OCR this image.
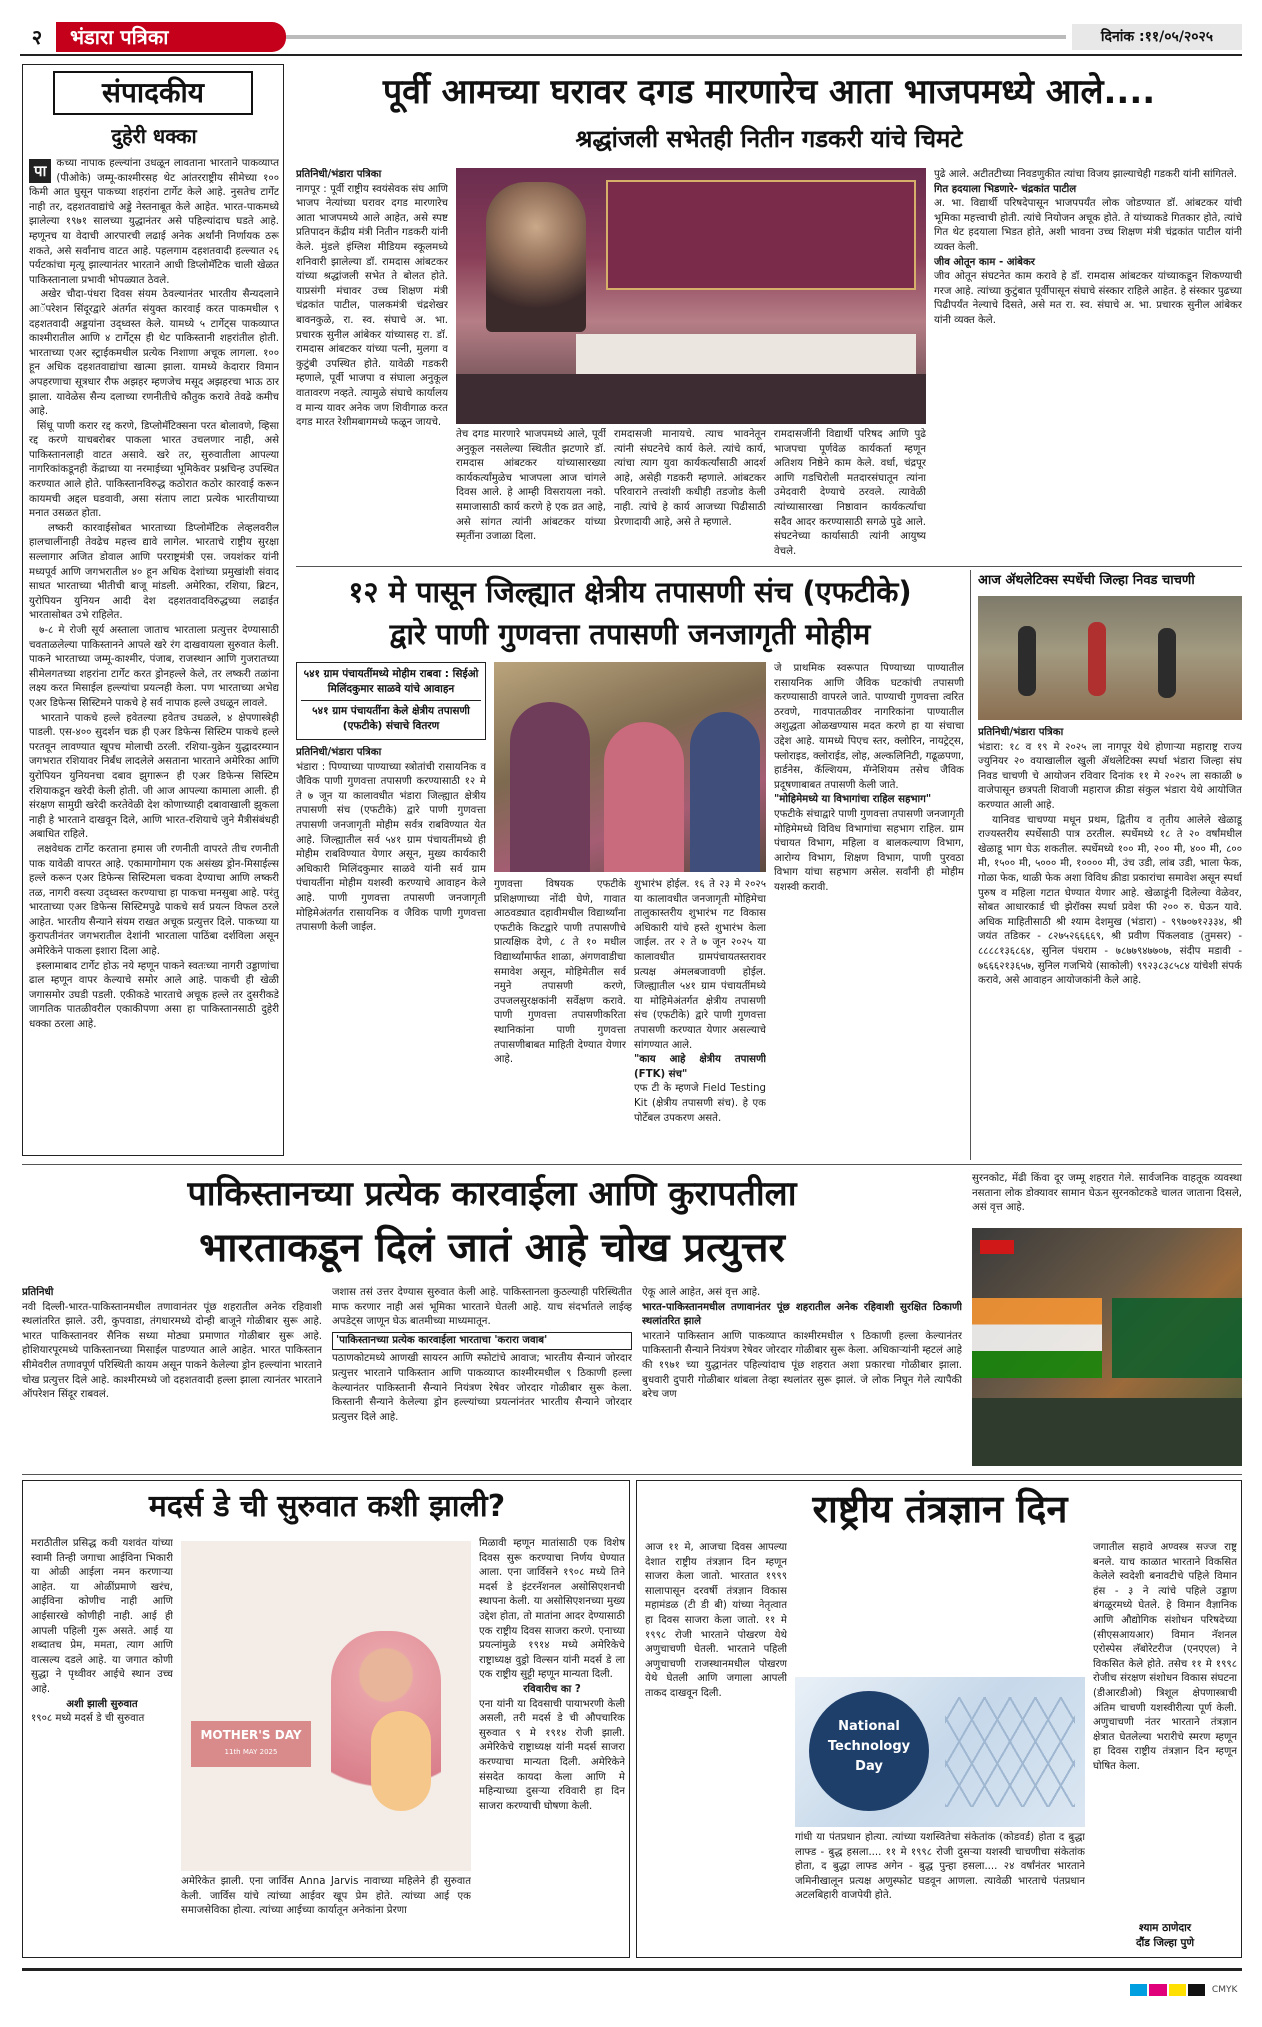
२	भंडारा पत्रिका	दिनांक :११/०५/२०२५
संपादकीय
दुहेरी धक्का
पा कच्या नापाक हल्ल्यांना उधळून लावताना भारताने पाकव्याप्त (पीओके) जम्मू-काश्मीरसह थेट आंतरराष्ट्रीय सीमेच्या १०० किमी आत घुसून पाकच्या शहरांना टार्गेट केले आहे. नुसतेच टार्गेट नाही तर, दहशतवाद्यांचे अड्डे नेस्तनाबूत केले आहेत. भारत-पाकमध्ये झालेल्या १९७१ सालच्या युद्धानंतर असे पहिल्यांदाच घडते आहे. म्हणूनच या वेदाची आरपारची लढाई अनेक अर्थांनी निर्णायक ठरू शकते, असे सर्वांनाच वाटत आहे. पहलगाम दहशतवादी हल्ल्यात २६ पर्यटकांचा मृत्यू झाल्यानंतर भारताने आधी डिप्लोमॅटिक चाली खेळत पाकिस्तानाला प्रभावी भोपळ्यात ठेवले.
अखेर चौदा-पंधरा दिवस संयम ठेवल्यानंतर भारतीय सैन्यदलाने आॅपरेशन सिंदूरद्वारे अंतर्गत संयुक्त कारवाई करत पाकमधील ९ दहशतवादी अड्डयांना उद्ध्वस्त केले. यामध्ये ५ टार्गेट्स पाकव्याप्त काश्मीरातील आणि ४ टार्गेट्स ही थेट पाकिस्तानी शहरांतील होती. भारताच्या एअर स्ट्राईकमधील प्रत्येक निशाणा अचूक लागला. १०० हून अधिक दहशतवाद्यांचा खात्मा झाला. यामध्ये केदारार विमान अपहरणाचा सूत्रधार रौफ अझहर म्हणजेच मसूद अझहरचा भाऊ ठार झाला. यावेळेस सैन्य दलाच्या रणनीतीचे कौतुक करावे तेवढे कमीच आहे.
सिंधू पाणी करार रद्द करणे, डिप्लोमॅटिक्सना परत बोलावणे, व्हिसा रद्द करणे याचबरोबर पाकला भारत उचलणार नाही, असे पाकिस्तानलाही वाटत असावे. खरे तर, सुरुवातीला आपल्या नागरिकांकडूनही केंद्राच्या या नरमाईच्या भूमिकेवर प्रश्नचिन्ह उपस्थित करण्यात आले होते. पाकिस्तानविरुद्ध कठोरात कठोर कारवाई करून कायमची अद्दल घडवावी, असा संताप लाटा प्रत्येक भारतीयाच्या मनात उसळत होता.
लष्करी कारवाईसोबत भारताच्या डिप्लोमॅटिक लेव्हलवरील हालचालींनाही तेवढेच महत्त्व द्यावे लागेल. भारताचे राष्ट्रीय सुरक्षा सल्लागार अजित डोवाल आणि परराष्ट्रमंत्री एस. जयशंकर यांनी मध्यपूर्व आणि जगभरातील ४० हून अधिक देशांच्या प्रमुखांशी संवाद साधत भारताच्या भीतीची बाजू मांडली. अमेरिका, रशिया, ब्रिटन, युरोपियन युनियन आदी देश दहशतवादविरुद्धच्या लढाईत भारतासोबत उभे राहिलेत.
७-८ मे रोजी सूर्य अस्ताला जाताच भारताला प्रत्युत्तर देण्यासाठी चवताळलेल्या पाकिस्तानने आपले खरे रंग दाखवायला सुरुवात केली. पाकने भारताच्या जम्मू-काश्मीर, पंजाब, राजस्थान आणि गुजरातच्या सीमेलगतच्या शहरांना टार्गेट करत ड्रोनहल्ले केले, तर लष्करी तळांना लक्ष्य करत मिसाईल हल्ल्यांचा प्रयत्नही केला. पण भारताच्या अभेद्य एअर डिफेन्स सिस्टिमने पाकचे हे सर्व नापाक हल्ले उधळून लावले.
भारताने पाकचे हल्ले हवेतल्या हवेतच उधळले, ४ क्षेपणास्त्रेही पाडली. एस-४०० सुदर्शन चक्र ही एअर डिफेन्स सिस्टिम पाकचे हल्ले परतवून लावण्यात खूपच मोलाची ठरली. रशिया-युक्रेन युद्धादरम्यान जगभरात रशियावर निर्बंध लादलेले असताना भारताने अमेरिका आणि युरोपियन युनियनचा दबाव झुगारून ही एअर डिफेन्स सिस्टिम रशियाकडून खरेदी केली होती. जी आज आपल्या कामाला आली. ही संरक्षण सामुग्री खरेदी करतेवेळी देश कोणाच्याही दबावाखाली झुकला नाही हे भारताने दाखवून दिले, आणि भारत-रशियाचे जुने मैत्रीसंबंधही अबाधित राहिले.
लक्षवेधक टार्गेट करताना हमास जी रणनीती वापरते तीच रणनीती पाक यावेळी वापरत आहे. एकामागोमाग एक असंख्य ड्रोन-मिसाईल्स हल्ले करून एअर डिफेन्स सिस्टिमला चकवा देण्याचा आणि लष्करी तळ, नागरी वस्त्या उद्ध्वस्त करण्याचा हा पाकचा मनसुबा आहे. परंतु भारताच्या एअर डिफेन्स सिस्टिमपुढे पाकचे सर्व प्रयत्न विफल ठरले आहेत. भारतीय सैन्याने संयम राखत अचूक प्रत्युत्तर दिले. पाकच्या या कुरापतीनंतर जगभरातील देशांनी भारताला पाठिंबा दर्शविला असून अमेरिकेने पाकला इशारा दिला आहे.
इस्लामाबाद टार्गेट होऊ नये म्हणून पाकने स्वतःच्या नागरी उड्डाणांचा ढाल म्हणून वापर केल्याचे समोर आले आहे. पाकची ही खेळी जगासमोर उघडी पडली. एकीकडे भारताचे अचूक हल्ले तर दुसरीकडे जागतिक पातळीवरील एकाकीपणा असा हा पाकिस्तानसाठी दुहेरी धक्का ठरला आहे.
पूर्वी आमच्या घरावर दगड मारणारेच आता भाजपमध्ये आले....
श्रद्धांजली सभेतही नितीन गडकरी यांचे चिमटे
प्रतिनिधी/भंडारा पत्रिका
नागपूर : पूर्वी राष्ट्रीय स्वयंसेवक संघ आणि भाजप नेत्यांच्या घरावर दगड मारणारेच आता भाजपमध्ये आले आहेत, असे स्पष्ट प्रतिपादन केंद्रीय मंत्री नितीन गडकरी यांनी केले. मुंडले इंग्लिश मीडियम स्कूलमध्ये शनिवारी झालेल्या डॉ. रामदास आंबटकर यांच्या श्रद्धांजली सभेत ते बोलत होते. याप्रसंगी मंचावर उच्च शिक्षण मंत्री चंद्रकांत पाटील, पालकमंत्री चंद्रशेखर बावनकुळे, रा. स्व. संघाचे अ. भा. प्रचारक सुनील आंबेकर यांच्यासह रा. डॉ. रामदास आंबटकर यांच्या पत्नी, मुलगा व कुटुंबी उपस्थित होते. यावेळी गडकरी म्हणाले, पूर्वी भाजपा व संघाला अनुकूल वातावरण नव्हते. त्यामुळे संघाचे कार्यालय व मान्य यावर अनेक जण शिवीगाळ करत दगड मारत रेशीमबागमध्ये फळून जायचे.
तेच दगड मारणारे भाजपमध्ये आले, पूर्वी अनुकूल नसलेल्या स्थितीत झटणारे डॉ. रामदास आंबटकर यांच्यासारख्या कार्यकर्त्यांमुळेच भाजपला आज चांगले दिवस आले. हे आम्ही विसरायला नको. समाजासाठी कार्य करणे हे एक व्रत आहे, असे सांगत त्यांनी आंबटकर यांच्या स्मृतींना उजाळा दिला.
रामदासजी मानायचे. त्याच भावनेतून त्यांनी संघटनेचे कार्य केले. त्यांचे कार्य, त्यांचा त्याग युवा कार्यकर्त्यांसाठी आदर्श आहे, असेही गडकरी म्हणाले. आंबटकर परिवाराने तत्त्वांशी कधीही तडजोड केली नाही. त्यांचे हे कार्य आजच्या पिढीसाठी प्रेरणादायी आहे, असे ते म्हणाले.
रामदासजींनी विद्यार्थी परिषद आणि पुढे भाजपचा पूर्णवेळ कार्यकर्ता म्हणून अतिशय निष्ठेने काम केले. वर्धा, चंद्रपूर आणि गडचिरोली मतदारसंघातून त्यांना उमेदवारी देण्याचे ठरवले. त्यावेळी त्यांच्यासारखा निष्ठावान कार्यकर्त्याचा सदैव आदर करण्यासाठी सगळे पुढे आले. संघटनेच्या कार्यासाठी त्यांनी आयुष्य वेचले.
पुढे आले. अटीतटीच्या निवडणुकीत त्यांचा विजय झाल्याचेही गडकरी यांनी सांगितले.
गित हदयाला भिडणारे- चंद्रकांत पाटील
अ. भा. विद्यार्थी परिषदेपासून भाजपपर्यंत लोक जोडण्यात डॉ. आंबटकर यांची भूमिका महत्त्वाची होती. त्यांचे नियोजन अचूक होते. ते यांच्याकडे गितकार होते, त्यांचे गित थेट हदयाला भिडत होते, अशी भावना उच्च शिक्षण मंत्री चंद्रकांत पाटील यांनी व्यक्त केली.
जीव ओतून काम - आंबेकर
जीव ओतून संघटनेत काम करावे हे डॉ. रामदास आंबटकर यांच्याकडून शिकण्याची गरज आहे. त्यांच्या कुटुंबात पूर्वीपासून संघाचे संस्कार राहिले आहेत. हे संस्कार पुढच्या पिढीपर्यंत नेल्याचे दिसते, असे मत रा. स्व. संघाचे अ. भा. प्रचारक सुनील आंबेकर यांनी व्यक्त केले.
१२ मे पासून जिल्ह्यात क्षेत्रीय तपासणी संच (एफटीके)
द्वारे पाणी गुणवत्ता तपासणी जनजागृती मोहीम
५४१ ग्राम पंचायतींमध्ये मोहीम राबवा : सिईओ मिलिंदकुमार साळवे यांचे आवाहन
५४१ ग्राम पंचायतींना केले क्षेत्रीय तपासणी (एफटीके) संचाचे वितरण
प्रतिनिधी/भंडारा पत्रिका
भंडारा : पिण्याच्या पाण्याच्या स्त्रोतांची रासायनिक व जैविक पाणी गुणवत्ता तपासणी करण्यासाठी १२ मे ते ७ जून या कालावधीत भंडारा जिल्ह्यात क्षेत्रीय तपासणी संच (एफटीके) द्वारे पाणी गुणवत्ता तपासणी जनजागृती मोहीम सर्वत्र राबविण्यात येत आहे. जिल्ह्यातील सर्व ५४१ ग्राम पंचायतींमध्ये ही मोहीम राबविण्यात येणार असून, मुख्य कार्यकारी अधिकारी मिलिंदकुमार साळवे यांनी सर्व ग्राम पंचायतींना मोहीम यशस्वी करण्याचे आवाहन केले आहे. पाणी गुणवत्ता तपासणी जनजागृती मोहिमेअंतर्गत रासायनिक व जैविक पाणी गुणवत्ता तपासणी केली जाईल.
गुणवत्ता विषयक एफटीके प्रशिक्षणाच्या नोंदी घेणे, गावात आठवड्यात दहावीमधील विद्यार्थ्यांना एफटीके किटद्वारे पाणी तपासणीचे प्रात्यक्षिक देणे, ८ ते १० मधील विद्यार्थ्यांमार्फत शाळा, अंगणवाडीचा समावेश असून, मोहिमेतील सर्व नमुने तपासणी करणे, उपजलसुरक्षकांनी सर्वेक्षण करावे. पाणी गुणवत्ता तपासणीकरिता स्थानिकांना पाणी गुणवत्ता तपासणीबाबत माहिती देण्यात येणार आहे.
शुभारंभ होईल. १६ ते २३ मे २०२५ या कालावधीत जनजागृती मोहिमेचा तालुकास्तरीय शुभारंभ गट विकास अधिकारी यांचे हस्ते शुभारंभ केला जाईल. तर २ ते ७ जून २०२५ या कालावधीत ग्रामपंचायतस्तरावर प्रत्यक्ष अंमलबजावणी होईल. जिल्ह्यातील ५४१ ग्राम पंचायतींमध्ये या मोहिमेअंतर्गत क्षेत्रीय तपासणी संच (एफटीके) द्वारे पाणी गुणवत्ता तपासणी करण्यात येणार असल्याचे सांगण्यात आले.
"काय आहे क्षेत्रीय तपासणी (FTK) संच"
एफ टी के म्हणजे Field Testing Kit (क्षेत्रीय तपासणी संच). हे एक पोर्टेबल उपकरण असते.
जे प्राथमिक स्वरूपात पिण्याच्या पाण्यातील रासायनिक आणि जैविक घटकांची तपासणी करण्यासाठी वापरले जाते. पाण्याची गुणवत्ता त्वरित ठरवणे, गावपातळीवर नागरिकांना पाण्यातील अशुद्धता ओळखण्यास मदत करणे हा या संचाचा उद्देश आहे. यामध्ये पिएच स्तर, क्लोरिन, नायट्रेट्स, फ्लोराइड, क्लोराईड, लोह, अल्कलिनिटी, गढूळपणा, हार्डनेस, कॅल्शियम, मॅग्नेशियम तसेच जैविक प्रदूषणाबाबत तपासणी केली जाते.
"मोहिमेमध्ये या विभागांचा राहिल सहभाग"
एफटीके संचाद्वारे पाणी गुणवत्ता तपासणी जनजागृती मोहिमेमध्ये विविध विभागांचा सहभाग राहिल. ग्राम पंचायत विभाग, महिला व बालकल्याण विभाग, आरोग्य विभाग, शिक्षण विभाग, पाणी पुरवठा विभाग यांचा सहभाग असेल. सर्वांनी ही मोहीम यशस्वी करावी.
आज ॲथलेटिक्स स्पर्धेची जिल्हा निवड चाचणी
प्रतिनिधी/भंडारा पत्रिका
भंडारा: १८ व १९ मे २०२५ ला नागपूर येथे होणाऱ्या महाराष्ट्र राज्य ज्युनियर २० वयाखालील खुली ॲथलेटिक्स स्पर्धा भंडारा जिल्हा संघ निवड चाचणी चे आयोजन रविवार दिनांक ११ मे २०२५ ला सकाळी ७ वाजेपासून छत्रपती शिवाजी महाराज क्रीडा संकुल भंडारा येथे आयोजित करण्यात आली आहे.
यानिवड चाचण्या मधून प्रथम, द्वितीय व तृतीय आलेले खेळाडू राज्यस्तरीय स्पर्धेसाठी पात्र ठरतील. स्पर्धेमध्ये १८ ते २० वर्षांमधील खेळाडू भाग घेऊ शकतील. स्पर्धेमध्ये १०० मी, २०० मी, ४०० मी, ८०० मी, १५०० मी, ५००० मी, १०००० मी, उंच उडी, लांब उडी, भाला फेक, गोळा फेक, थाळी फेक अशा विविध क्रीडा प्रकारांचा समावेश असून स्पर्धा पुरुष व महिला गटात घेण्यात येणार आहे. खेळाडूंनी दिलेल्या वेळेवर, सोबत आधारकार्ड ची झेरॉक्स स्पर्धा प्रवेश फी २०० रु. घेऊन यावे. अधिक माहितीसाठी श्री श्याम देशमुख (भंडारा) - ९९७०७१२३३४, श्री जयंत तडिकर - ८२७५२६६६६९, श्री प्रवीण पिंकलवाड (तुमसर) - ८८८८१३६८६४, सुनिल पंधराम - ७८७७९४७७०७, संदीप मडावी - ७६६६२१३६५७, सुनिल गजभिये (साकोली) ९९२३८३८५८४ यांचेशी संपर्क करावे, असे आवाहन आयोजकांनी केले आहे.
पाकिस्तानच्या प्रत्येक कारवाईला आणि कुरापतीला
भारताकडून दिलं जातं आहे चोख प्रत्युत्तर
सुरनकोट, मेंढी किंवा दूर जम्मू शहरात गेले. सार्वजनिक वाहतूक व्यवस्था नसताना लोक डोक्यावर सामान घेऊन सुरनकोटकडे चालत जाताना दिसले, असं वृत्त आहे.
प्रतिनिधी
नवी दिल्ली-भारत-पाकिस्तानमधील तणावानंतर पूंछ शहरातील अनेक रहिवाशी स्थलांतरित झाले. उरी, कुपवाडा, तंगधारमध्ये दोन्ही बाजूने गोळीबार सुरू आहे. भारत पाकिस्तानवर सैनिक सध्या मोठ्या प्रमाणात गोळीबार सुरू आहे. होशियारपूरमध्ये पाकिस्तानच्या मिसाईल पाडण्यात आले आहेत. भारत पाकिस्तान सीमेवरील तणावपूर्ण परिस्थिती कायम असून पाकने केलेल्या ड्रोन हल्ल्यांना भारताने चोख प्रत्युत्तर दिले आहे. काश्मीरमध्ये जो दहशतवादी हल्ला झाला त्यानंतर भारताने ऑपरेशन सिंदूर राबवलं.
जशास तसं उत्तर देण्यास सुरुवात केली आहे. पाकिस्तानला कुठल्याही परिस्थितीत माफ करणार नाही असं भूमिका भारताने घेतली आहे. याच संदर्भातले लाईव्ह अपडेट्स जाणून घेऊ बातमीच्या माध्यमातून.

'पाकिस्तानच्या प्रत्येक कारवाईला भारताचा 'करारा जवाब'
पठाणकोटमध्ये आणखी सायरन आणि स्फोटांचे आवाज; भारतीय सैन्यानं जोरदार प्रत्युत्तर भारताने पाकिस्तान आणि पाकव्याप्त काश्मीरमधील ९ ठिकाणी हल्ला केल्यानंतर पाकिस्तानी सैन्याने नियंत्रण रेषेवर जोरदार गोळीबार सुरू केला. किस्तानी सैन्याने केलेल्या ड्रोन हल्ल्यांच्या प्रयत्नांनंतर भारतीय सैन्याने जोरदार प्रत्युत्तर दिले आहे.
ऐकू आले आहेत, असं वृत्त आहे.
भारत-पाकिस्तानमधील तणावानंतर पूंछ शहरातील अनेक रहिवाशी सुरक्षित ठिकाणी स्थलांतरित झाले
भारताने पाकिस्तान आणि पाकव्याप्त काश्मीरमधील ९ ठिकाणी हल्ला केल्यानंतर पाकिस्तानी सैन्याने नियंत्रण रेषेवर जोरदार गोळीबार सुरू केला. अधिकाऱ्यांनी म्हटलं आहे की १९७१ च्या युद्धानंतर पहिल्यांदाच पूंछ शहरात अशा प्रकारचा गोळीबार झाला. बुधवारी दुपारी गोळीबार थांबला तेव्हा स्थलांतर सुरू झालं. जे लोक निघून गेले त्यापैकी बरेच जण
मदर्स डे ची सुरुवात कशी झाली?
मराठीतील प्रसिद्ध कवी यशवंत यांच्या स्वामी तिन्ही जगाचा आईविना भिकारी या ओळी आईला नमन करणाऱ्या आहेत. या ओळींप्रमाणे खरंच, आईविना कोणीच नाही आणि आईसारखे कोणीही नाही. आई ही आपली पहिली गुरू असते. आई या शब्दातच प्रेम, ममता, त्याग आणि वात्सल्य दडले आहे. या जगात कोणी सुद्धा ने पृथ्वीवर आईचे स्थान उच्च आहे.

अशी झाली सुरुवात
१९०८ मध्ये मदर्स डे ची सुरुवात
MOTHER'S DAY
11th MAY 2025
अमेरिकेत झाली. एना जार्विस Anna Jarvis नावाच्या महिलेने ही सुरुवात केली. जार्विस यांचे त्यांच्या आईवर खूप प्रेम होते. त्यांच्या आई एक समाजसेविका होत्या. त्यांच्या आईच्या कार्यातून अनेकांना प्रेरणा
मिळावी म्हणून मातांसाठी एक विशेष दिवस सुरू करण्याचा निर्णय घेण्यात आला. एना जार्विसने १९०८ मध्ये तिने मदर्स डे इंटरनॅशनल असोसिएशनची स्थापना केली. या असोसिएशनच्या मुख्य उद्देश होता, तो मातांना आदर देण्यासाठी एक राष्ट्रीय दिवस साजरा करणे. एनाच्या प्रयत्नांमुळे १९१४ मध्ये अमेरिकेचे राष्ट्राध्यक्ष वुड्रो विल्सन यांनी मदर्स डे ला एक राष्ट्रीय सुट्टी म्हणून मान्यता दिली.

रविवारीच का ?
एना यांनी या दिवसाची पायाभरणी केली असली, तरी मदर्स डे ची औपचारिक सुरुवात ९ मे १९१४ रोजी झाली. अमेरिकेचे राष्ट्राध्यक्ष यांनी मदर्स साजरा करण्याचा मान्यता दिली. अमेरिकेने संसदेत कायदा केला आणि मे महिन्याच्या दुसऱ्या रविवारी हा दिन साजरा करण्याची घोषणा केली.
राष्ट्रीय तंत्रज्ञान दिन
आज ११ मे, आजचा दिवस आपल्या देशात राष्ट्रीय तंत्रज्ञान दिन म्हणून साजरा केला जातो. भारतात १९९९ सालापासून दरवर्षी तंत्रज्ञान विकास महामंडळ (टी डी बी) यांच्या नेतृत्वात हा दिवस साजरा केला जातो. ११ मे १९९८ रोजी भारताने पोखरण येथे अणुचाचणी घेतली. भारताने पहिली अणुचाचणी राजस्थानमधील पोखरण येथे घेतली आणि जगाला आपली ताकद दाखवून दिली.
National
Technology
Day
गांधी या पंतप्रधान होत्या. त्यांच्या यशस्वितेचा संकेतांक (कोडवर्ड) होता द बुद्धा लाफ्ड - बुद्ध हसला.... ११ मे १९९८ रोजी दुसऱ्या यशस्वी चाचणीचा संकेतांक होता, द बुद्धा लाफ्ड अगेन - बुद्ध पुन्हा हसला.... २४ वर्षांनंतर भारताने जमिनीखालून प्रत्यक्ष अणुस्फोट घडवून आणला. त्यावेळी भारताचे पंतप्रधान अटलबिहारी वाजपेयी होते.
जगातील सहावे अण्वस्त्र सज्ज राष्ट्र बनले. याच काळात भारताने विकसित केलेले स्वदेशी बनावटीचे पहिले विमान हंस - ३ ने त्यांचे पहिले उड्डाण बंगळूरमध्ये घेतले. हे विमान वैज्ञानिक आणि औद्योगिक संशोधन परिषदेच्या (सीएसआयआर) विमान नॅशनल एरोस्पेस लॅबोरेटरीज (एनएएल) ने विकसित केले होते. तसेच ११ मे १९९८ रोजीच संरक्षण संशोधन विकास संघटना (डीआरडीओ) त्रिशूल क्षेपणास्त्राची अंतिम चाचणी यशस्वीरीत्या पूर्ण केली. अणुचाचणी नंतर भारताने तंत्रज्ञान क्षेत्रात घेतलेल्या भरारीचे स्मरण म्हणून हा दिवस राष्ट्रीय तंत्रज्ञान दिन म्हणून घोषित केला.
श्याम ठाणेदार
दौंड जिल्हा पुणे
CMYK
